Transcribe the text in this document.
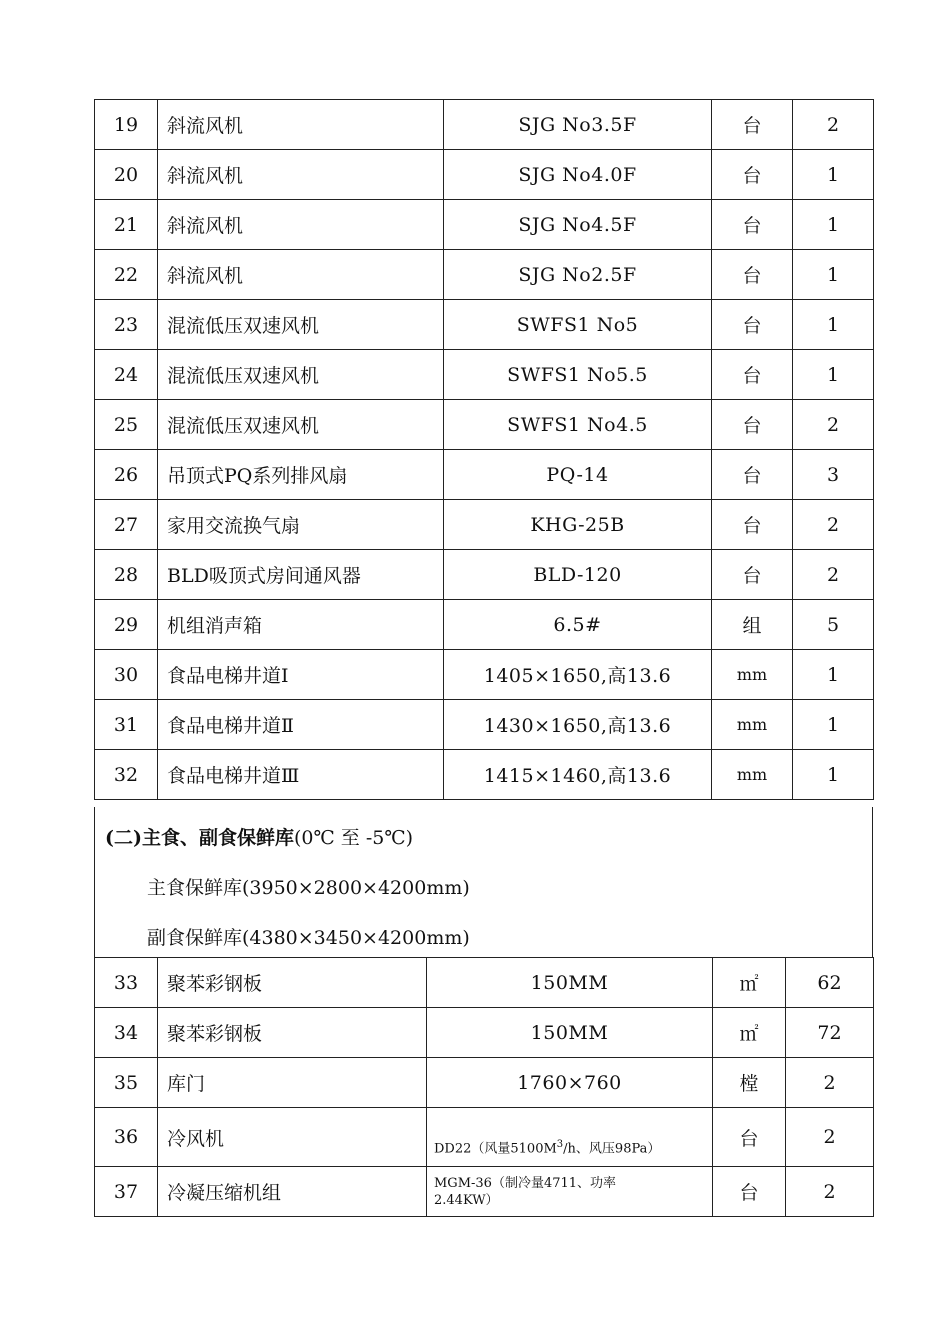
19	斜流风机	SJG No3.5F	台	2
20	斜流风机	SJG No4.0F	台	1
21	斜流风机	SJG No4.5F	台	1
22	斜流风机	SJG No2.5F	台	1
23	混流低压双速风机	SWFS1 No5	台	1
24	混流低压双速风机	SWFS1 No5.5	台	1
25	混流低压双速风机	SWFS1 No4.5	台	2
26	吊顶式PQ系列排风扇	PQ-14	台	3
27	家用交流换气扇	KHG-25B	台	2
28	BLD吸顶式房间通风器	BLD-120	台	2
29	机组消声箱	6.5#	组	5
30	食品电梯井道Ⅰ	1405×1650,高13.6	mm	1
31	食品电梯井道Ⅱ	1430×1650,高13.6	mm	1
32	食品电梯井道Ⅲ	1415×1460,高13.6	mm	1
(二)主食、副食保鲜库(0℃ 至 -5℃)
主食保鲜库(3950×2800×4200mm)
副食保鲜库(4380×3450×4200mm)
33	聚苯彩钢板	150MM	㎡	62
34	聚苯彩钢板	150MM	㎡	72
35	库门	1760×760	樘	2
36	冷风机	DD22（风量$5100M^3/h$、风压98Pa）	台	2
37	冷凝压缩机组	MGM-36（制冷量4711、功率
2.44KW）	台	2
